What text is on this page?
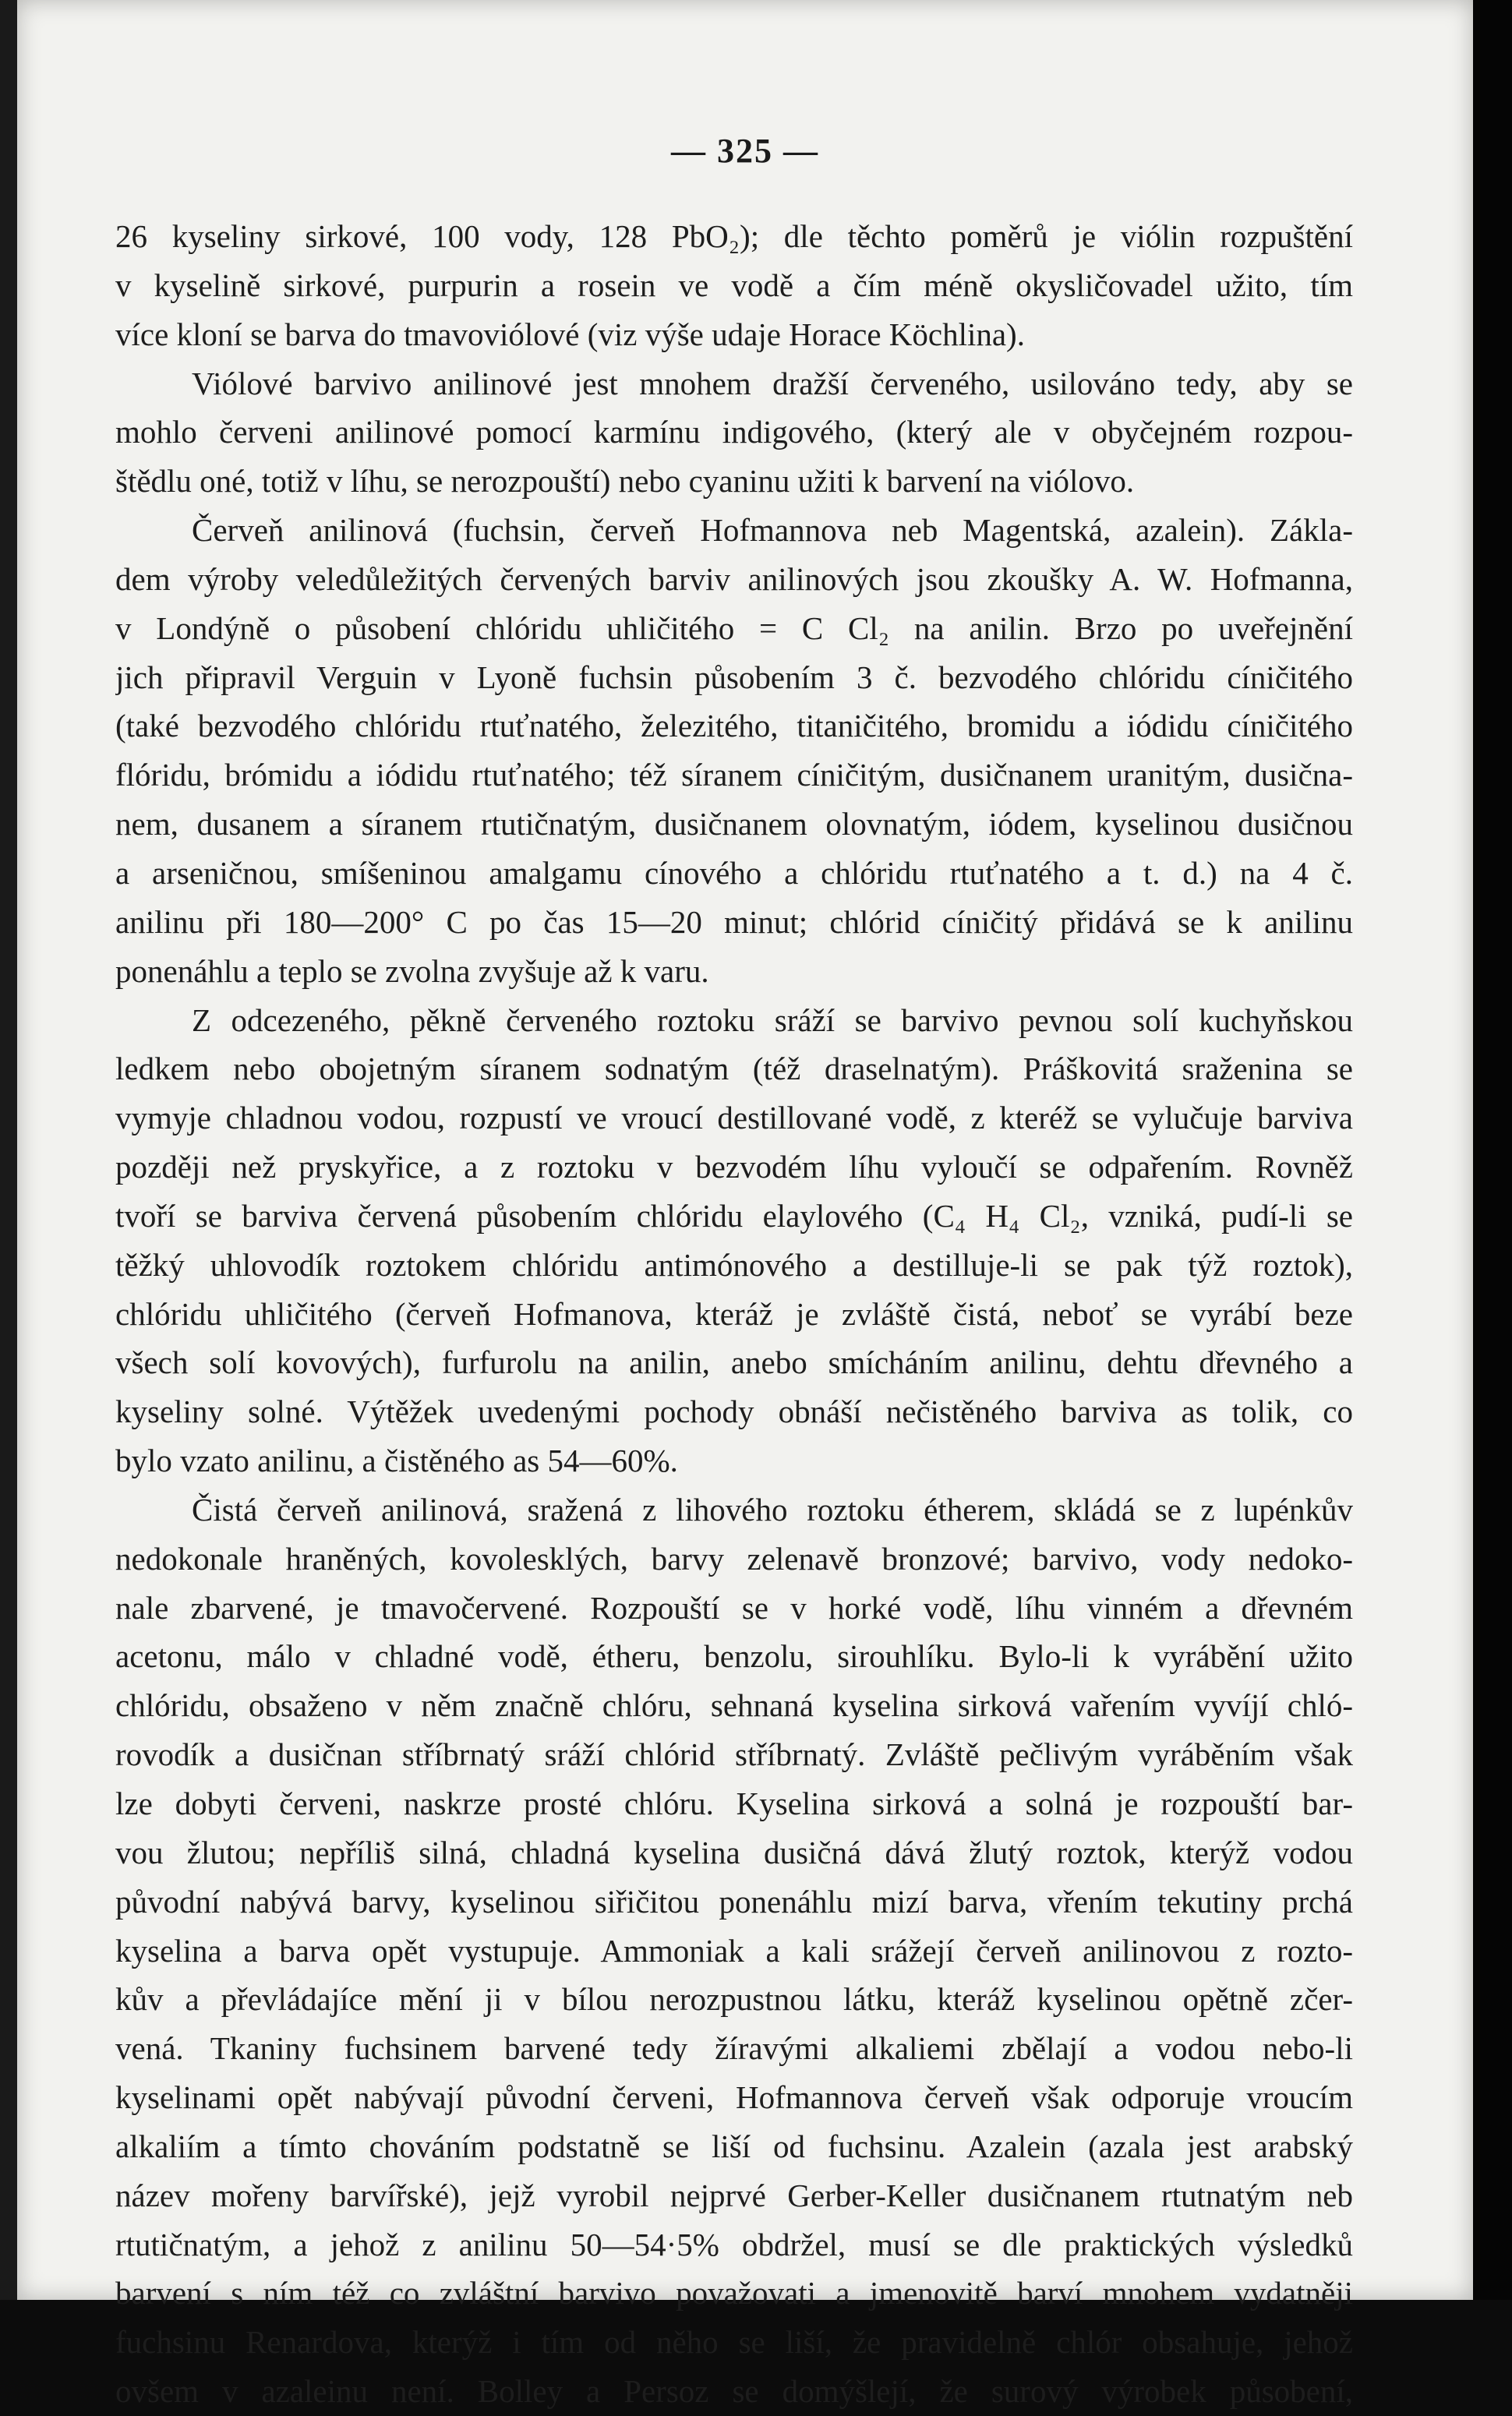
— 325 —
26 kyseliny sirkové, 100 vody, 128 PbO₂); dle těchto poměrů je viólin rozpuštění
v kyselině sirkové, purpurin a rosein ve vodě a čím méně okysličovadel užito, tím
více kloní se barva do tmavoviólové (viz výše udaje Horace Köchlina).
Viólové barvivo anilinové jest mnohem dražší červeného, usilováno tedy, aby se
mohlo červeni anilinové pomocí karmínu indigového, (který ale v obyčejném rozpou-
štědlu oné, totiž v líhu, se nerozpouští) nebo cyaninu užiti k barvení na viólovo.
Červeň anilinová (fuchsin, červeň Hofmannova neb Magentská, azalein). Zákla-
dem výroby veledůležitých červených barviv anilinových jsou zkoušky A. W. Hofmanna,
v Londýně o působení chlóridu uhličitého = C Cl₂ na anilin. Brzo po uveřejnění
jich připravil Verguin v Lyoně fuchsin působením 3 č. bezvodého chlóridu cíničitého
(také bezvodého chlóridu rtuťnatého, železitého, titaničitého, bromidu a iódidu cíničitého
flóridu, brómidu a iódidu rtuťnatého; též síranem cíničitým, dusičnanem uranitým, dusična-
nem, dusanem a síranem rtutičnatým, dusičnanem olovnatým, iódem, kyselinou dusičnou
a arseničnou, smíšeninou amalgamu cínového a chlóridu rtuťnatého a t. d.) na 4 č.
anilinu při 180—200° C po čas 15—20 minut; chlórid cíničitý přidává se k anilinu
ponenáhlu a teplo se zvolna zvyšuje až k varu.
Z odcezeného, pěkně červeného roztoku sráží se barvivo pevnou solí kuchyňskou
ledkem nebo obojetným síranem sodnatým (též draselnatým). Práškovitá sraženina se
vymyje chladnou vodou, rozpustí ve vroucí destillované vodě, z kteréž se vylučuje barviva
později než pryskyřice, a z roztoku v bezvodém líhu vyloučí se odpařením. Rovněž
tvoří se barviva červená působením chlóridu elaylového (C₄ H₄ Cl₂, vzniká, pudí-li se
těžký uhlovodík roztokem chlóridu antimónového a destilluje-li se pak týž roztok),
chlóridu uhličitého (červeň Hofmanova, kteráž je zvláště čistá, neboť se vyrábí beze
všech solí kovových), furfurolu na anilin, anebo smícháním anilinu, dehtu dřevného a
kyseliny solné. Výtěžek uvedenými pochody obnáší nečistěného barviva as tolik, co
bylo vzato anilinu, a čistěného as 54—60%.
Čistá červeň anilinová, sražená z lihového roztoku étherem, skládá se z lupénkův
nedokonale hraněných, kovolesklých, barvy zelenavě bronzové; barvivo, vody nedoko-
nale zbarvené, je tmavočervené. Rozpouští se v horké vodě, líhu vinném a dřevném
acetonu, málo v chladné vodě, étheru, benzolu, sirouhlíku. Bylo-li k vyrábění užito
chlóridu, obsaženo v něm značně chlóru, sehnaná kyselina sirková vařením vyvíjí chló-
rovodík a dusičnan stříbrnatý sráží chlórid stříbrnatý. Zvláště pečlivým vyráběním však
lze dobyti červeni, naskrze prosté chlóru. Kyselina sirková a solná je rozpouští bar-
vou žlutou; nepříliš silná, chladná kyselina dusičná dává žlutý roztok, kterýž vodou
původní nabývá barvy, kyselinou siřičitou ponenáhlu mizí barva, vřením tekutiny prchá
kyselina a barva opět vystupuje. Ammoniak a kali srážejí červeň anilinovou z rozto-
kův a převládajíce mění ji v bílou nerozpustnou látku, kteráž kyselinou opětně zčer-
vená. Tkaniny fuchsinem barvené tedy žíravými alkaliemi zbělají a vodou nebo-li
kyselinami opět nabývají původní červeni, Hofmannova červeň však odporuje vroucím
alkaliím a tímto chováním podstatně se liší od fuchsinu. Azalein (azala jest arabský
název mořeny barvířské), jejž vyrobil nejprvé Gerber-Keller dusičnanem rtutnatým neb
rtutičnatým, a jehož z anilinu 50—54·5% obdržel, musí se dle praktických výsledků
barvení s ním též co zvláštní barvivo považovati a jmenovitě barví mnohem vydatněji
fuchsinu Renardova, kterýž i tím od něho se liší, že pravidelně chlór obsahuje, jehož
ovšem v azaleinu není. Bolley a Persoz se domýšlejí, že surový výrobek působení,
